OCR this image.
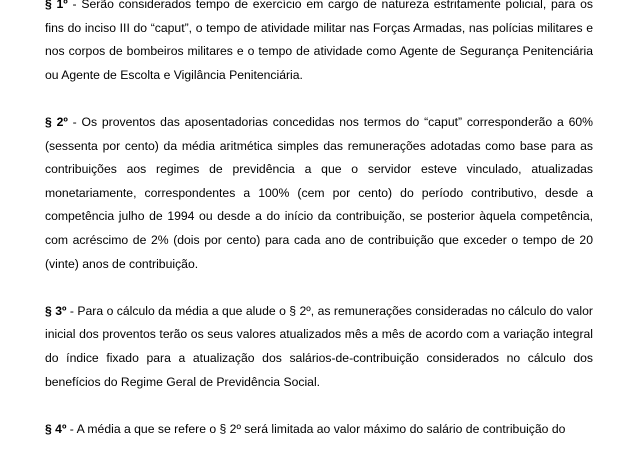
§ 1º - Serão considerados tempo de exercício em cargo de natureza estritamente policial, para os fins do inciso III do “caput”, o tempo de atividade militar nas Forças Armadas, nas polícias militares e nos corpos de bombeiros militares e o tempo de atividade como Agente de Segurança Penitenciária ou Agente de Escolta e Vigilância Penitenciária.

§ 2º - Os proventos das aposentadorias concedidas nos termos do “caput” corresponderão a 60% (sessenta por cento) da média aritmética simples das remunerações adotadas como base para as contribuições aos regimes de previdência a que o servidor esteve vinculado, atualizadas monetariamente, correspondentes a 100% (cem por cento) do período contributivo, desde a competência julho de 1994 ou desde a do início da contribuição, se posterior àquela competência, com acréscimo de 2% (dois por cento) para cada ano de contribuição que exceder o tempo de 20 (vinte) anos de contribuição.

§ 3º - Para o cálculo da média a que alude o § 2º, as remunerações consideradas no cálculo do valor inicial dos proventos terão os seus valores atualizados mês a mês de acordo com a variação integral do índice fixado para a atualização dos salários-de-contribuição considerados no cálculo dos benefícios do Regime Geral de Previdência Social.

§ 4º - A média a que se refere o § 2º será limitada ao valor máximo do salário de contribuição do
